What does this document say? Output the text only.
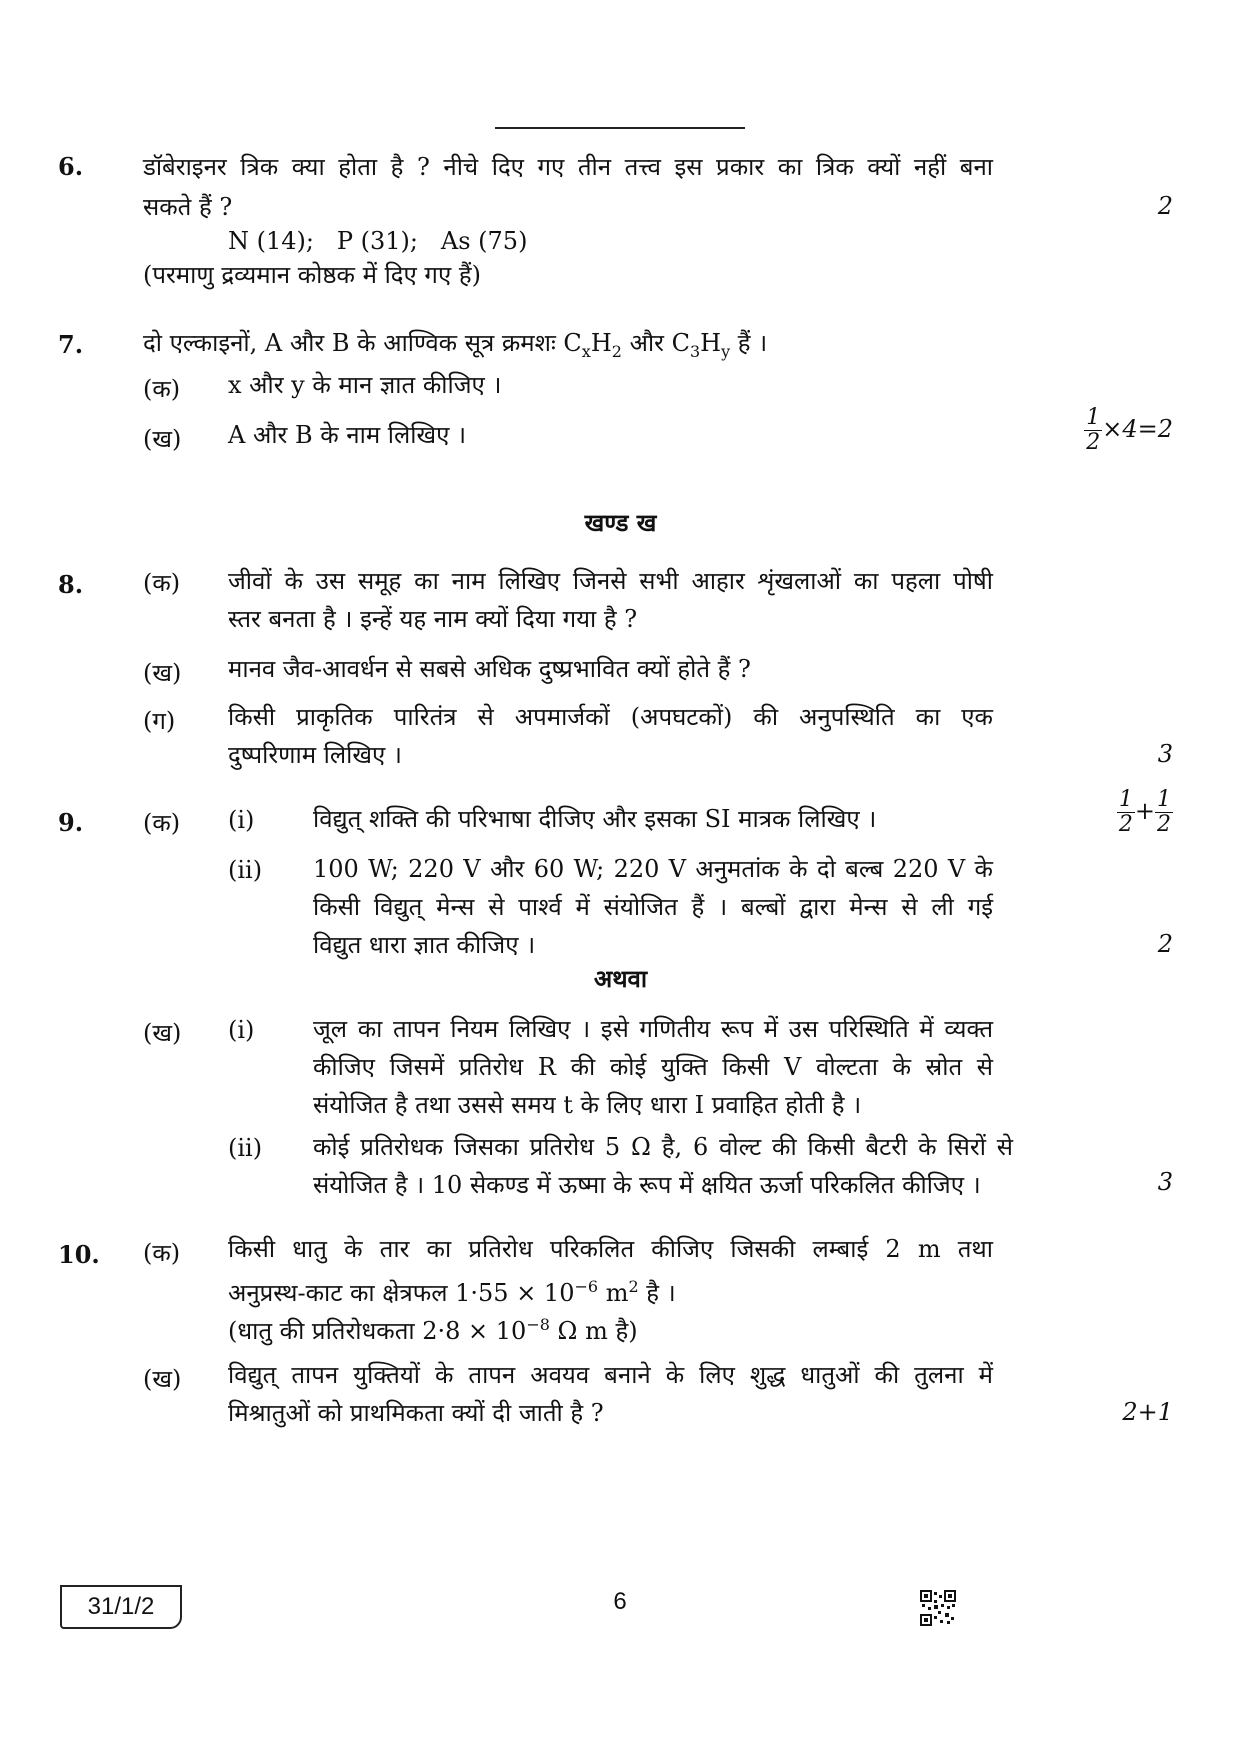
6. डॉबेराइनर त्रिक क्या होता है ? नीचे दिए गए तीन तत्त्व इस प्रकार का त्रिक क्यों नहीं बना
सकते हैं ?	2
N (14);   P (31);   As (75)
(परमाणु द्रव्यमान कोष्ठक में दिए गए हैं)
7. दो एल्काइनों, A और B के आण्विक सूत्र क्रमशः $C_xH_2$ और $C_3H_y$ हैं ।
(क) x और y के मान ज्ञात कीजिए ।
(ख) A और B के नाम लिखिए ।	$\frac{1}{2} \times 4=2$
खण्ड ख
8. (क) जीवों के उस समूह का नाम लिखिए जिनसे सभी आहार शृंखलाओं का पहला पोषी
स्तर बनता है । इन्हें यह नाम क्यों दिया गया है ?
(ख) मानव जैव-आवर्धन से सबसे अधिक दुष्प्रभावित क्यों होते हैं ?
(ग) किसी प्राकृतिक पारितंत्र से अपमार्जकों (अपघटकों) की अनुपस्थिति का एक
दुष्परिणाम लिखिए ।	3
9. (क) (i) विद्युत् शक्ति की परिभाषा दीजिए और इसका SI मात्रक लिखिए ।	$\frac{1}{2} + \frac{1}{2}$
(ii) 100 W; 220 V और 60 W; 220 V अनुमतांक के दो बल्ब 220 V के
किसी विद्युत् मेन्स से पार्श्व में संयोजित हैं । बल्बों द्वारा मेन्स से ली गई
विद्युत धारा ज्ञात कीजिए ।	2
अथवा
(ख) (i) जूल का तापन नियम लिखिए । इसे गणितीय रूप में उस परिस्थिति में व्यक्त
कीजिए जिसमें प्रतिरोध R की कोई युक्ति किसी V वोल्टता के स्रोत से
संयोजित है तथा उससे समय t के लिए धारा I प्रवाहित होती है ।
(ii) कोई प्रतिरोधक जिसका प्रतिरोध 5 Ω है, 6 वोल्ट की किसी बैटरी के सिरों से
संयोजित है । 10 सेकण्ड में ऊष्मा के रूप में क्षयित ऊर्जा परिकलित कीजिए ।	3
10. (क) किसी धातु के तार का प्रतिरोध परिकलित कीजिए जिसकी लम्बाई 2 m तथा
अनुप्रस्थ-काट का क्षेत्रफल $1\cdot 55 \times 10^{-6}$ $m^2$ है ।
(धातु की प्रतिरोधकता $2\cdot 8 \times 10^{-8}$ Ω m है)
(ख) विद्युत् तापन युक्तियों के तापन अवयव बनाने के लिए शुद्ध धातुओं की तुलना में
मिश्रातुओं को प्राथमिकता क्यों दी जाती है ?	2+1
31/1/2	6
